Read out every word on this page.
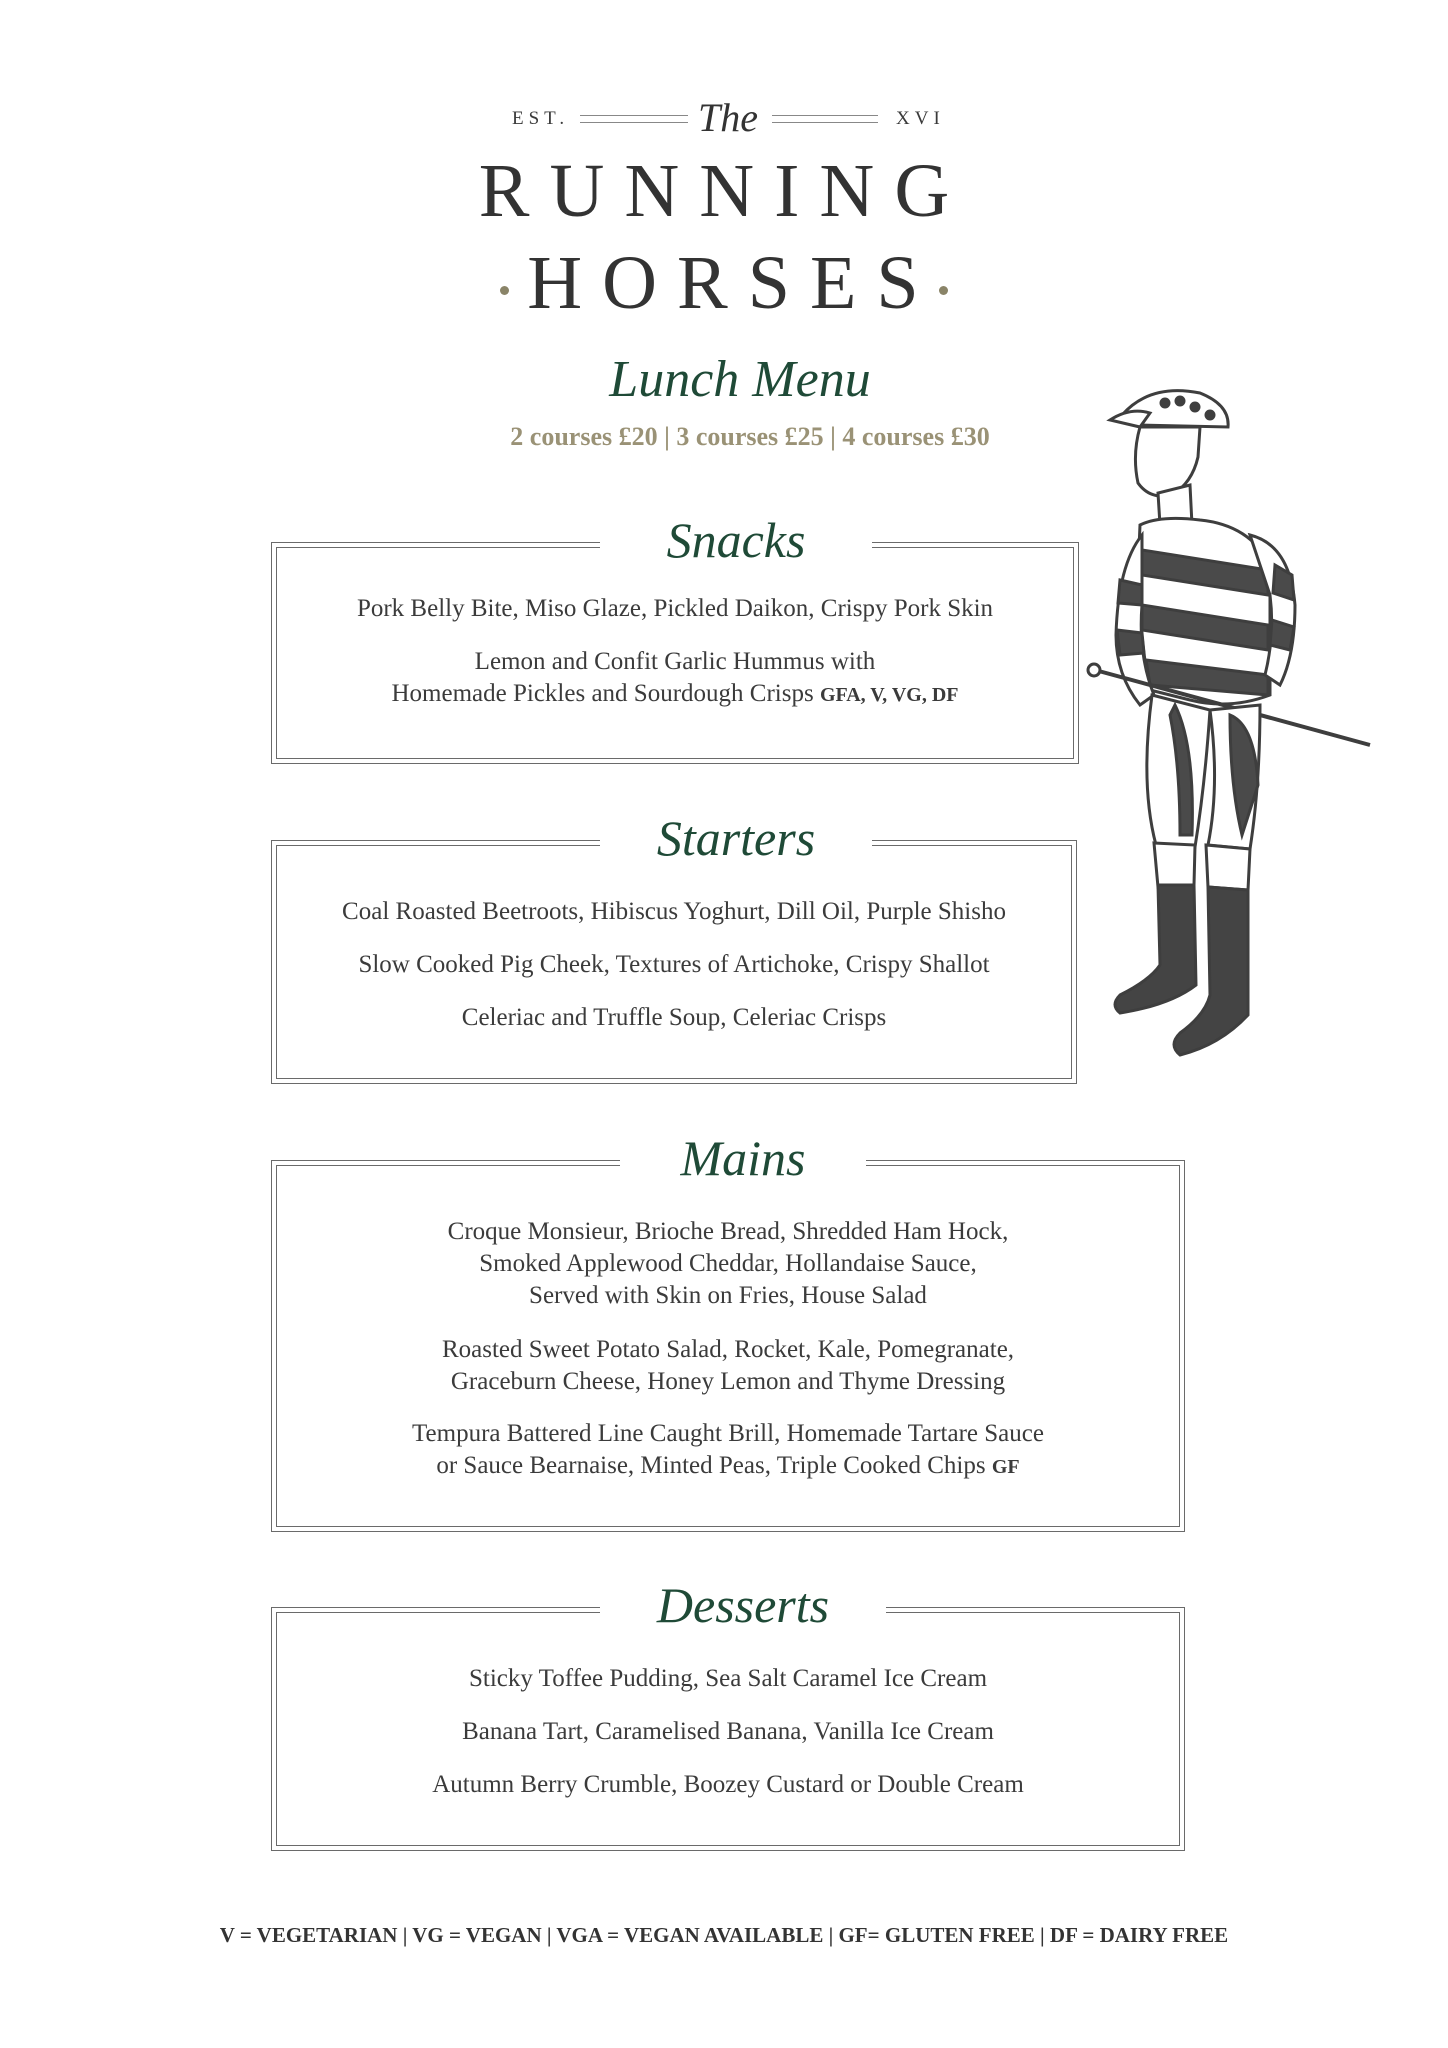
EST.	The	XVI
RUNNING
HORSES
Lunch Menu
2 courses £20 | 3 courses £25 | 4 courses £30
Pork Belly Bite, Miso Glaze, Pickled Daikon, Crispy Pork Skin
Lemon and Confit Garlic Hummus with
Homemade Pickles and Sourdough Crisps GFA, V, VG, DF
Snacks
Coal Roasted Beetroots, Hibiscus Yoghurt, Dill Oil, Purple Shisho
Slow Cooked Pig Cheek, Textures of Artichoke, Crispy Shallot
Celeriac and Truffle Soup, Celeriac Crisps
Starters
Croque Monsieur, Brioche Bread, Shredded Ham Hock,
Smoked Applewood Cheddar, Hollandaise Sauce,
Served with Skin on Fries, House Salad
Roasted Sweet Potato Salad, Rocket, Kale, Pomegranate,
Graceburn Cheese, Honey Lemon and Thyme Dressing
Tempura Battered Line Caught Brill, Homemade Tartare Sauce
or Sauce Bearnaise, Minted Peas, Triple Cooked Chips GF
Mains
Sticky Toffee Pudding, Sea Salt Caramel Ice Cream
Banana Tart, Caramelised Banana, Vanilla Ice Cream
Autumn Berry Crumble, Boozey Custard or Double Cream
Desserts
V = VEGETARIAN | VG = VEGAN | VGA = VEGAN AVAILABLE | GF= GLUTEN FREE | DF = DAIRY FREE
